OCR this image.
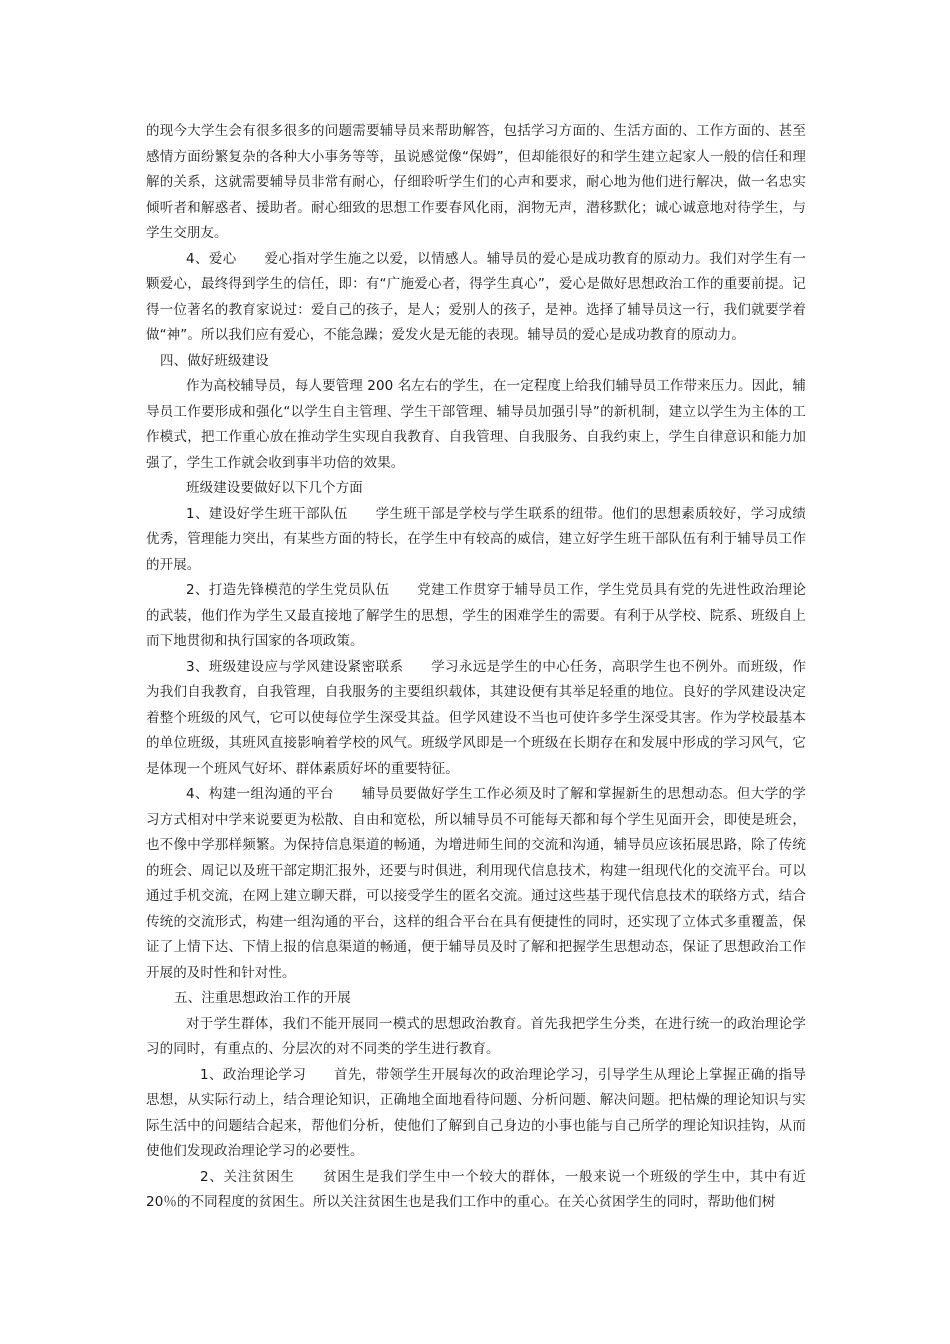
的现今大学生会有很多很多的问题需要辅导员来帮助解答，包括学习方面的、生活方面的、工作方面的、甚至感情方面纷繁复杂的各种大小事务等等，虽说感觉像“保姆”，但却能很好的和学生建立起家人一般的信任和理解的关系，这就需要辅导员非常有耐心，仔细聆听学生们的心声和要求，耐心地为他们进行解决，做一名忠实倾听者和解惑者、援助者。耐心细致的思想工作要春风化雨，润物无声，潜移默化；诚心诚意地对待学生，与学生交朋友。

4、爱心　　爱心指对学生施之以爱，以情感人。辅导员的爱心是成功教育的原动力。我们对学生有一颗爱心，最终得到学生的信任，即：有“广施爱心者，得学生真心”，爱心是做好思想政治工作的重要前提。记得一位著名的教育家说过：爱自己的孩子，是人；爱别人的孩子，是神。选择了辅导员这一行，我们就要学着做“神”。所以我们应有爱心，不能急躁；爱发火是无能的表现。辅导员的爱心是成功教育的原动力。

四、做好班级建设

作为高校辅导员，每人要管理 200 名左右的学生，在一定程度上给我们辅导员工作带来压力。因此，辅导员工作要形成和强化“以学生自主管理、学生干部管理、辅导员加强引导”的新机制，建立以学生为主体的工作模式，把工作重心放在推动学生实现自我教育、自我管理、自我服务、自我约束上，学生自律意识和能力加强了，学生工作就会收到事半功倍的效果。

班级建设要做好以下几个方面

1、建设好学生班干部队伍　　学生班干部是学校与学生联系的纽带。他们的思想素质较好，学习成绩优秀，管理能力突出，有某些方面的特长，在学生中有较高的威信，建立好学生班干部队伍有利于辅导员工作的开展。

2、打造先锋模范的学生党员队伍　　党建工作贯穿于辅导员工作，学生党员具有党的先进性政治理论的武装，他们作为学生又最直接地了解学生的思想，学生的困难学生的需要。有利于从学校、院系、班级自上而下地贯彻和执行国家的各项政策。

3、班级建设应与学风建设紧密联系　　学习永远是学生的中心任务，高职学生也不例外。而班级，作为我们自我教育，自我管理，自我服务的主要组织载体，其建设便有其举足轻重的地位。良好的学风建设决定着整个班级的风气，它可以使每位学生深受其益。但学风建设不当也可使许多学生深受其害。作为学校最基本的单位班级，其班风直接影响着学校的风气。班级学风即是一个班级在长期存在和发展中形成的学习风气，它是体现一个班风气好坏、群体素质好坏的重要特征。

4、构建一组沟通的平台　　辅导员要做好学生工作必须及时了解和掌握新生的思想动态。但大学的学习方式相对中学来说要更为松散、自由和宽松，所以辅导员不可能每天都和每个学生见面开会，即使是班会，也不像中学那样频繁。为保持信息渠道的畅通，为增进师生间的交流和沟通，辅导员应该拓展思路，除了传统的班会、周记以及班干部定期汇报外，还要与时俱进，利用现代信息技术，构建一组现代化的交流平台。可以通过手机交流，在网上建立聊天群，可以接受学生的匿名交流。通过这些基于现代信息技术的联络方式，结合传统的交流形式，构建一组沟通的平台，这样的组合平台在具有便捷性的同时，还实现了立体式多重覆盖，保证了上情下达、下情上报的信息渠道的畅通，便于辅导员及时了解和把握学生思想动态，保证了思想政治工作开展的及时性和针对性。

五、注重思想政治工作的开展

对于学生群体，我们不能开展同一模式的思想政治教育。首先我把学生分类，在进行统一的政治理论学习的同时，有重点的、分层次的对不同类的学生进行教育。

1、政治理论学习　　首先，带领学生开展每次的政治理论学习，引导学生从理论上掌握正确的指导思想，从实际行动上，结合理论知识，正确地全面地看待问题、分析问题、解决问题。把枯燥的理论知识与实际生活中的问题结合起来，帮他们分析，使他们了解到自己身边的小事也能与自己所学的理论知识挂钩，从而使他们发现政治理论学习的必要性。

2、关注贫困生　　贫困生是我们学生中一个较大的群体，一般来说一个班级的学生中，其中有近 20％的不同程度的贫困生。所以关注贫困生也是我们工作中的重心。在关心贫困学生的同时，帮助他们树
